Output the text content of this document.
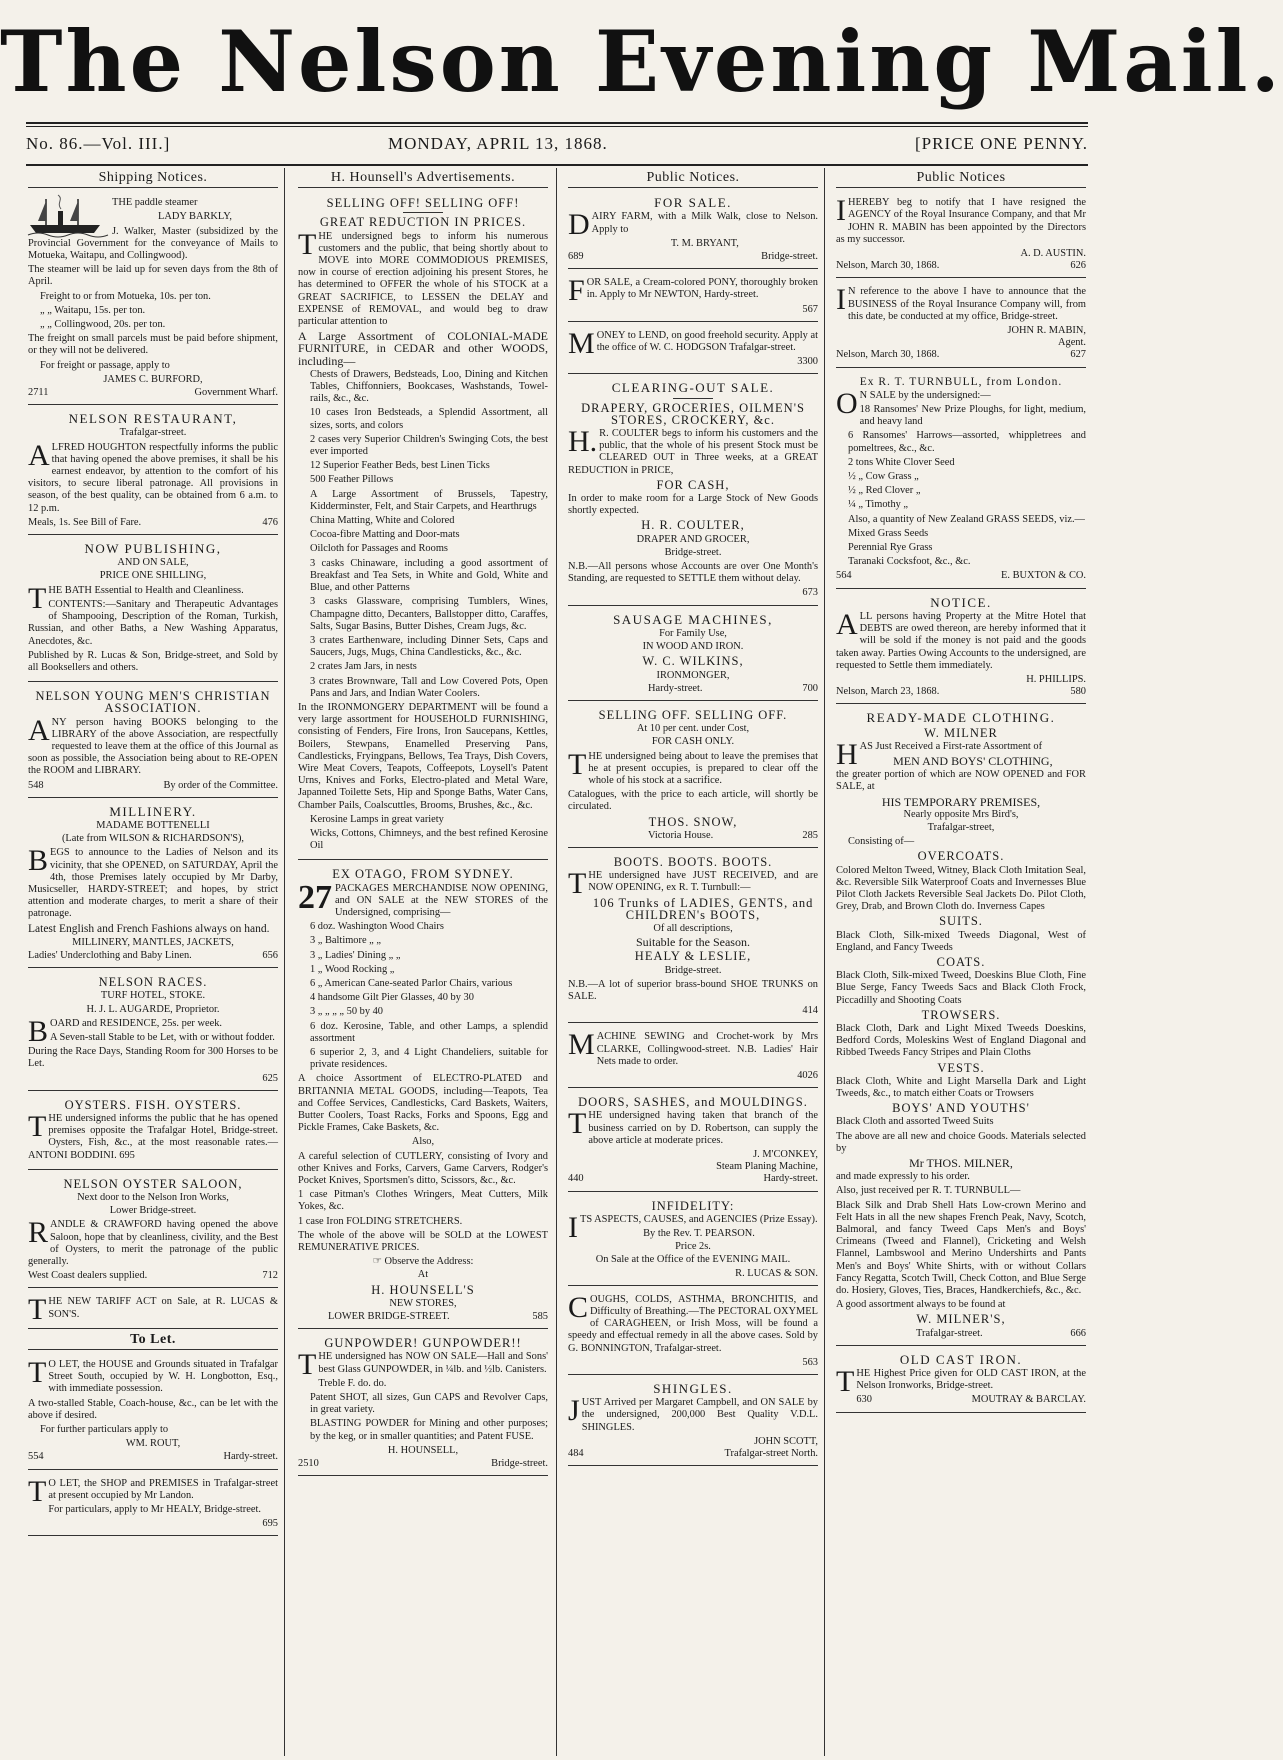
The Nelson Evening Mail.
No. 86.—Vol. III.]	MONDAY, APRIL 13, 1868.	[PRICE ONE PENNY.
Shipping Notices.

THE paddle steamer

LADY BARKLY,

J. Walker, Master (subsidized by the Provincial Government for the conveyance of Mails to Motueka, Waitapu, and Collingwood).

The steamer will be laid up for seven days from the 8th of April.

Freight to or from Motueka, 10s. per ton.

„ „ Waitapu, 15s. per ton.

„ „ Collingwood, 20s. per ton.

The freight on small parcels must be paid before shipment, or they will not be delivered.

For freight or passage, apply to

JAMES C. BURFORD,

2711	Government Wharf.
NELSON RESTAURANT,
Trafalgar-street.

ALFRED HOUGHTON respectfully informs the public that having opened the above premises, it shall be his earnest endeavor, by attention to the comfort of his visitors, to secure liberal patronage. All provisions in season, of the best quality, can be obtained from 6 a.m. to 12 p.m.

Meals, 1s. See Bill of Fare.	476
NOW PUBLISHING,
AND ON SALE,
PRICE ONE SHILLING,

THE BATH Essential to Health and Cleanliness.

CONTENTS:—Sanitary and Therapeutic Advantages of Shampooing, Description of the Roman, Turkish, Russian, and other Baths, a New Washing Apparatus, Anecdotes, &c.

Published by R. Lucas & Son, Bridge-street, and Sold by all Booksellers and others.

NELSON YOUNG MEN'S CHRISTIAN ASSOCIATION.

ANY person having BOOKS belonging to the LIBRARY of the above Association, are respectfully requested to leave them at the office of this Journal as soon as possible, the Association being about to RE-OPEN the ROOM and LIBRARY.

548	By order of the Committee.
MILLINERY.
MADAME BOTTENELLI
(Late from WILSON & RICHARDSON'S),

BEGS to announce to the Ladies of Nelson and its vicinity, that she OPENED, on SATURDAY, April the 4th, those Premises lately occupied by Mr Darby, Musicseller, HARDY-STREET; and hopes, by strict attention and moderate charges, to merit a share of their patronage.

Latest English and French Fashions always on hand.

MILLINERY, MANTLES, JACKETS,
Ladies' Underclothing and Baby Linen.	656
NELSON RACES.
TURF HOTEL, STOKE.
H. J. L. AUGARDE, Proprietor.

BOARD and RESIDENCE, 25s. per week.

A Seven-stall Stable to be Let, with or without fodder.

During the Race Days, Standing Room for 300 Horses to be Let.

625
OYSTERS. FISH. OYSTERS.

THE undersigned informs the public that he has opened premises opposite the Trafalgar Hotel, Bridge-street. Oysters, Fish, &c., at the most reasonable rates.—ANTONI BODDINI. 695

NELSON OYSTER SALOON,
Next door to the Nelson Iron Works,
Lower Bridge-street.

RANDLE & CRAWFORD having opened the above Saloon, hope that by cleanliness, civility, and the Best of Oysters, to merit the patronage of the public generally.

West Coast dealers supplied.	712

THE NEW TARIFF ACT on Sale, at R. LUCAS & SON'S.

To Let.

TO LET, the HOUSE and Grounds situated in Trafalgar Street South, occupied by W. H. Longbotton, Esq., with immediate possession.

A two-stalled Stable, Coach-house, &c., can be let with the above if desired.

For further particulars apply to

WM. ROUT,
554	Hardy-street.

TO LET, the SHOP and PREMISES in Trafalgar-street at present occupied by Mr Landon.

For particulars, apply to Mr HEALY, Bridge-street.

695
H. Hounsell's Advertisements.
SELLING OFF! SELLING OFF!
GREAT REDUCTION IN PRICES.

THE undersigned begs to inform his numerous customers and the public, that being shortly about to MOVE into MORE COMMODIOUS PREMISES, now in course of erection adjoining his present Stores, he has determined to OFFER the whole of his STOCK at a GREAT SACRIFICE, to LESSEN the DELAY and EXPENSE of REMOVAL, and would beg to draw particular attention to

A Large Assortment of COLONIAL-MADE FURNITURE, in CEDAR and other WOODS, including—

Chests of Drawers, Bedsteads, Loo, Dining and Kitchen Tables, Chiffonniers, Bookcases, Washstands, Towel-rails, &c., &c.

10 cases Iron Bedsteads, a Splendid Assortment, all sizes, sorts, and colors

2 cases very Superior Children's Swinging Cots, the best ever imported

12 Superior Feather Beds, best Linen Ticks

500 Feather Pillows

A Large Assortment of Brussels, Tapestry, Kidderminster, Felt, and Stair Carpets, and Hearthrugs

China Matting, White and Colored

Cocoa-fibre Matting and Door-mats

Oilcloth for Passages and Rooms

3 casks Chinaware, including a good assortment of Breakfast and Tea Sets, in White and Gold, White and Blue, and other Patterns

3 casks Glassware, comprising Tumblers, Wines, Champagne ditto, Decanters, Ballstopper ditto, Caraffes, Salts, Sugar Basins, Butter Dishes, Cream Jugs, &c.

3 crates Earthenware, including Dinner Sets, Caps and Saucers, Jugs, Mugs, China Candlesticks, &c., &c.

2 crates Jam Jars, in nests

3 crates Brownware, Tall and Low Covered Pots, Open Pans and Jars, and Indian Water Coolers.

In the IRONMONGERY DEPARTMENT will be found a very large assortment for HOUSEHOLD FURNISHING, consisting of Fenders, Fire Irons, Iron Saucepans, Kettles, Boilers, Stewpans, Enamelled Preserving Pans, Candlesticks, Fryingpans, Bellows, Tea Trays, Dish Covers, Wire Meat Covers, Teapots, Coffeepots, Loysell's Patent Urns, Knives and Forks, Electro-plated and Metal Ware, Japanned Toilette Sets, Hip and Sponge Baths, Water Cans, Chamber Pails, Coalscuttles, Brooms, Brushes, &c., &c.

Kerosine Lamps in great variety

Wicks, Cottons, Chimneys, and the best refined Kerosine Oil

EX OTAGO, FROM SYDNEY.

27 PACKAGES MERCHANDISE NOW OPENING, and ON SALE at the NEW STORES of the Undersigned, comprising—

6 doz. Washington Wood Chairs

3 „ Baltimore „ „

3 „ Ladies' Dining „ „

1 „ Wood Rocking „

6 „ American Cane-seated Parlor Chairs, various

4 handsome Gilt Pier Glasses, 40 by 30

3 „ „ „ „ 50 by 40

6 doz. Kerosine, Table, and other Lamps, a splendid assortment

6 superior 2, 3, and 4 Light Chandeliers, suitable for private residences.

A choice Assortment of ELECTRO-PLATED and BRITANNIA METAL GOODS, including—Teapots, Tea and Coffee Services, Candlesticks, Card Baskets, Waiters, Butter Coolers, Toast Racks, Forks and Spoons, Egg and Pickle Frames, Cake Baskets, &c.

Also,

A careful selection of CUTLERY, consisting of Ivory and other Knives and Forks, Carvers, Game Carvers, Rodger's Pocket Knives, Sportsmen's ditto, Scissors, &c., &c.

1 case Pitman's Clothes Wringers, Meat Cutters, Milk Yokes, &c.

1 case Iron FOLDING STRETCHERS.

The whole of the above will be SOLD at the LOWEST REMUNERATIVE PRICES.

☞ Observe the Address:
At
H. HOUNSELL'S
NEW STORES,
LOWER BRIDGE-STREET.	585
GUNPOWDER! GUNPOWDER!!

THE undersigned has NOW ON SALE—Hall and Sons' best Glass GUNPOWDER, in ¼lb. and ½lb. Canisters.

Treble F. do. do.

Patent SHOT, all sizes, Gun CAPS and Revolver Caps, in great variety.

BLASTING POWDER for Mining and other purposes; by the keg, or in smaller quantities; and Patent FUSE.

H. HOUNSELL,
2510	Bridge-street.
Public Notices.
FOR SALE.

DAIRY FARM, with a Milk Walk, close to Nelson. Apply to

T. M. BRYANT,
689	Bridge-street.

FOR SALE, a Cream-colored PONY, thoroughly broken in. Apply to Mr NEWTON, Hardy-street.

567

MONEY to LEND, on good freehold security. Apply at the office of W. C. HODGSON Trafalgar-street.

3300
CLEARING-OUT SALE.
DRAPERY, GROCERIES, OILMEN'S STORES, CROCKERY, &c.

H.R. COULTER begs to inform his customers and the public, that the whole of his present Stock must be CLEARED OUT in Three weeks, at a GREAT REDUCTION in PRICE,

FOR CASH,

In order to make room for a Large Stock of New Goods shortly expected.

H. R. COULTER,
DRAPER AND GROCER,
Bridge-street.

N.B.—All persons whose Accounts are over One Month's Standing, are requested to SETTLE them without delay.

673
SAUSAGE MACHINES,
For Family Use,
IN WOOD AND IRON.
W. C. WILKINS,
IRONMONGER,
Hardy-street.	700
SELLING OFF. SELLING OFF.
At 10 per cent. under Cost,
FOR CASH ONLY.

THE undersigned being about to leave the premises that he at present occupies, is prepared to clear off the whole of his stock at a sacrifice.

Catalogues, with the price to each article, will shortly be circulated.

THOS. SNOW,
Victoria House.	285
BOOTS. BOOTS. BOOTS.

THE undersigned have JUST RECEIVED, and are NOW OPENING, ex R. T. Turnbull:—

106 Trunks of LADIES, GENTS, and CHILDREN's BOOTS,
Of all descriptions,
Suitable for the Season.
HEALY & LESLIE,
Bridge-street.

N.B.—A lot of superior brass-bound SHOE TRUNKS on SALE.

414

MACHINE SEWING and Crochet-work by Mrs CLARKE, Collingwood-street. N.B. Ladies' Hair Nets made to order.

4026
DOORS, SASHES, and MOULDINGS.

THE undersigned having taken that branch of the business carried on by D. Robertson, can supply the above article at moderate prices.

J. M'CONKEY,
Steam Planing Machine,
440	Hardy-street.
INFIDELITY:

ITS ASPECTS, CAUSES, and AGENCIES (Prize Essay).

By the Rev. T. PEARSON.
Price 2s.
On Sale at the Office of the EVENING MAIL.
R. LUCAS & SON.

COUGHS, COLDS, ASTHMA, BRONCHITIS, and Difficulty of Breathing.—The PECTORAL OXYMEL of CARAGHEEN, or Irish Moss, will be found a speedy and effectual remedy in all the above cases. Sold by G. BONNINGTON, Trafalgar-street.

563
SHINGLES.

JUST Arrived per Margaret Campbell, and ON SALE by the undersigned, 200,000 Best Quality V.D.L. SHINGLES.

JOHN SCOTT,
484	Trafalgar-street North.
Public Notices

IHEREBY beg to notify that I have resigned the AGENCY of the Royal Insurance Company, and that Mr JOHN R. MABIN has been appointed by the Directors as my successor.

A. D. AUSTIN.
Nelson, March 30, 1868.	626

IN reference to the above I have to announce that the BUSINESS of the Royal Insurance Company will, from this date, be conducted at my office, Bridge-street.

JOHN R. MABIN,
Agent.
Nelson, March 30, 1868.	627
Ex R. T. TURNBULL, from London.

ON SALE by the undersigned:—

18 Ransomes' New Prize Ploughs, for light, medium, and heavy land

6 Ransomes' Harrows—assorted, whippletrees and pomeltrees, &c., &c.

2 tons White Clover Seed

½ „ Cow Grass „

½ „ Red Clover „

¼ „ Timothy „

Also, a quantity of New Zealand GRASS SEEDS, viz.—

Mixed Grass Seeds

Perennial Rye Grass

Taranaki Cocksfoot, &c., &c.

564	E. BUXTON & CO.
NOTICE.

ALL persons having Property at the Mitre Hotel that DEBTS are owed thereon, are hereby informed that it will be sold if the money is not paid and the goods taken away. Parties Owing Accounts to the undersigned, are requested to Settle them immediately.

H. PHILLIPS.
Nelson, March 23, 1868.	580
READY-MADE CLOTHING.
W. MILNER

HAS Just Received a First-rate Assortment of

MEN AND BOYS' CLOTHING,

the greater portion of which are NOW OPENED and FOR SALE, at

HIS TEMPORARY PREMISES,
Nearly opposite Mrs Bird's,
Trafalgar-street,

Consisting of—

OVERCOATS.

Colored Melton Tweed, Witney, Black Cloth Imitation Seal, &c. Reversible Silk Waterproof Coats and Invernesses Blue Pilot Cloth Jackets Reversible Seal Jackets Do. Pilot Cloth, Grey, Drab, and Brown Cloth do. Inverness Capes

SUITS.

Black Cloth, Silk-mixed Tweeds Diagonal, West of England, and Fancy Tweeds

COATS.

Black Cloth, Silk-mixed Tweed, Doeskins Blue Cloth, Fine Blue Serge, Fancy Tweeds Sacs and Black Cloth Frock, Piccadilly and Shooting Coats

TROWSERS.

Black Cloth, Dark and Light Mixed Tweeds Doeskins, Bedford Cords, Moleskins West of England Diagonal and Ribbed Tweeds Fancy Stripes and Plain Cloths

VESTS.

Black Cloth, White and Light Marsella Dark and Light Tweeds, &c., to match either Coats or Trowsers

BOYS' AND YOUTHS'

Black Cloth and assorted Tweed Suits

The above are all new and choice Goods. Materials selected by

Mr THOS. MILNER,

and made expressly to his order.

Also, just received per R. T. TURNBULL—

Black Silk and Drab Shell Hats Low-crown Merino and Felt Hats in all the new shapes French Peak, Navy, Scotch, Balmoral, and fancy Tweed Caps Men's and Boys' Crimeans (Tweed and Flannel), Cricketing and Welsh Flannel, Lambswool and Merino Undershirts and Pants Men's and Boys' White Shirts, with or without Collars Fancy Regatta, Scotch Twill, Check Cotton, and Blue Serge do. Hosiery, Gloves, Ties, Braces, Handkerchiefs, &c., &c.

A good assortment always to be found at

W. MILNER'S,
Trafalgar-street.	666
OLD CAST IRON.

THE Highest Price given for OLD CAST IRON, at the Nelson Ironworks, Bridge-street.

630	MOUTRAY & BARCLAY.
